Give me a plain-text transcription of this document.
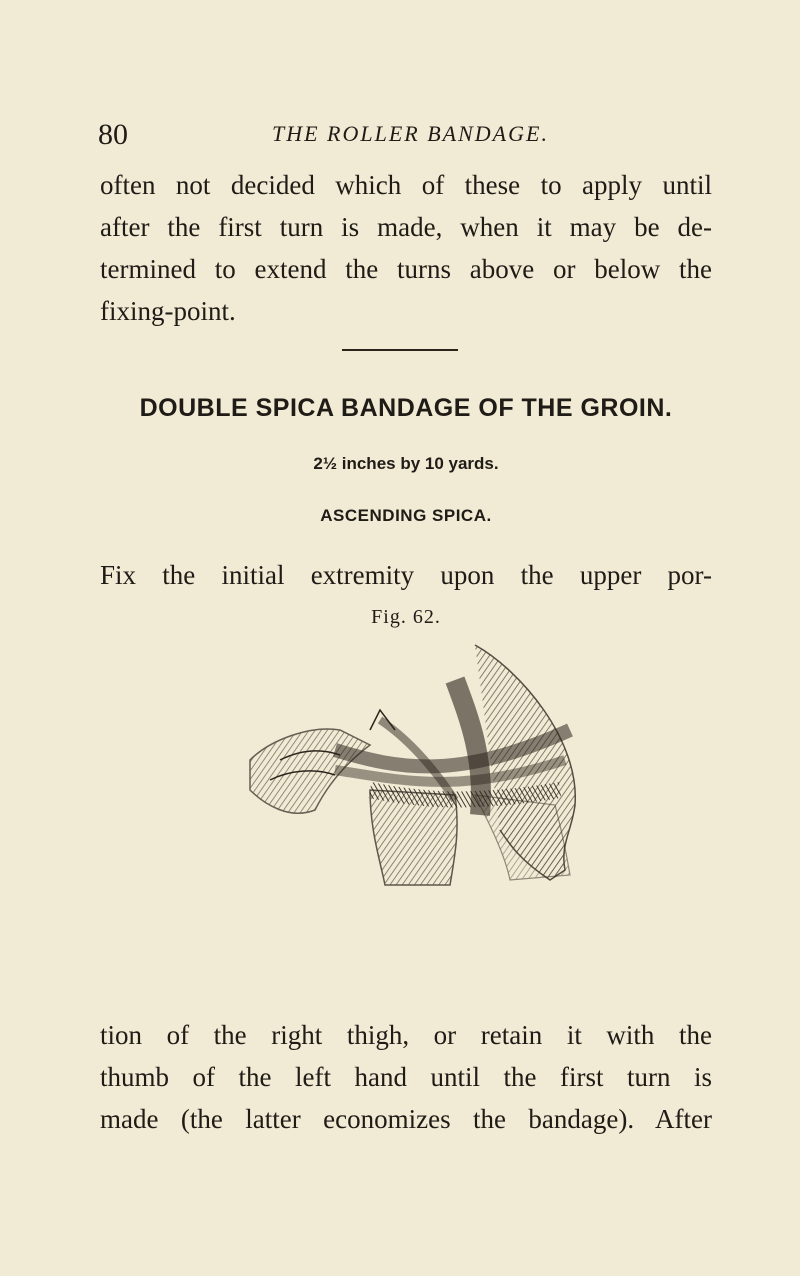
80	THE ROLLER BANDAGE.

often not decided which of these to apply until

after the first turn is made, when it may be de-

termined to extend the turns above or below the

fixing-point.

DOUBLE SPICA BANDAGE OF THE GROIN.

2½ inches by 10 yards.

ASCENDING SPICA.

Fix the initial extremity upon the upper por-

Fig. 62.

tion of the right thigh, or retain it with the

thumb of the left hand until the first turn is

made (the latter economizes the bandage). After
